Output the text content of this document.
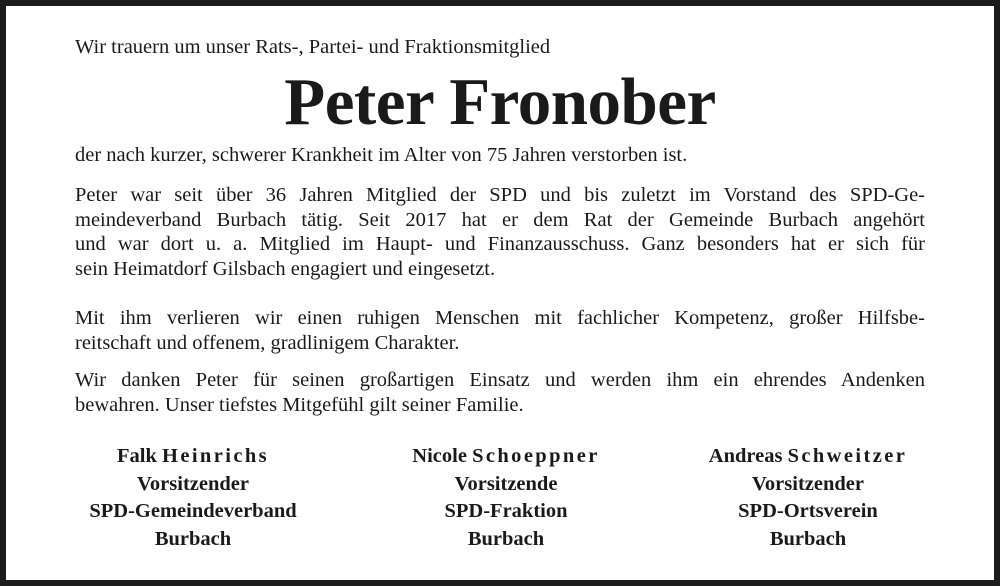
Wir trauern um unser Rats-, Partei- und Fraktionsmitglied
Peter Fronober
der nach kurzer, schwerer Krankheit im Alter von 75 Jahren verstorben ist.
Peter war seit über 36 Jahren Mitglied der SPD und bis zuletzt im Vorstand des SPD-Ge-
meindeverband Burbach tätig. Seit 2017 hat er dem Rat der Gemeinde Burbach angehört
und war dort u. a. Mitglied im Haupt- und Finanzausschuss. Ganz besonders hat er sich für
sein Heimatdorf Gilsbach engagiert und eingesetzt.
Mit ihm verlieren wir einen ruhigen Menschen mit fachlicher Kompetenz, großer Hilfsbe-
reitschaft und offenem, gradlinigem Charakter.
Wir danken Peter für seinen großartigen Einsatz und werden ihm ein ehrendes Andenken
bewahren. Unser tiefstes Mitgefühl gilt seiner Familie.
Falk Heinrichs
Vorsitzender
SPD-Gemeindeverband
Burbach
Nicole Schoeppner
Vorsitzende
SPD-Fraktion
Burbach
Andreas Schweitzer
Vorsitzender
SPD-Ortsverein
Burbach
